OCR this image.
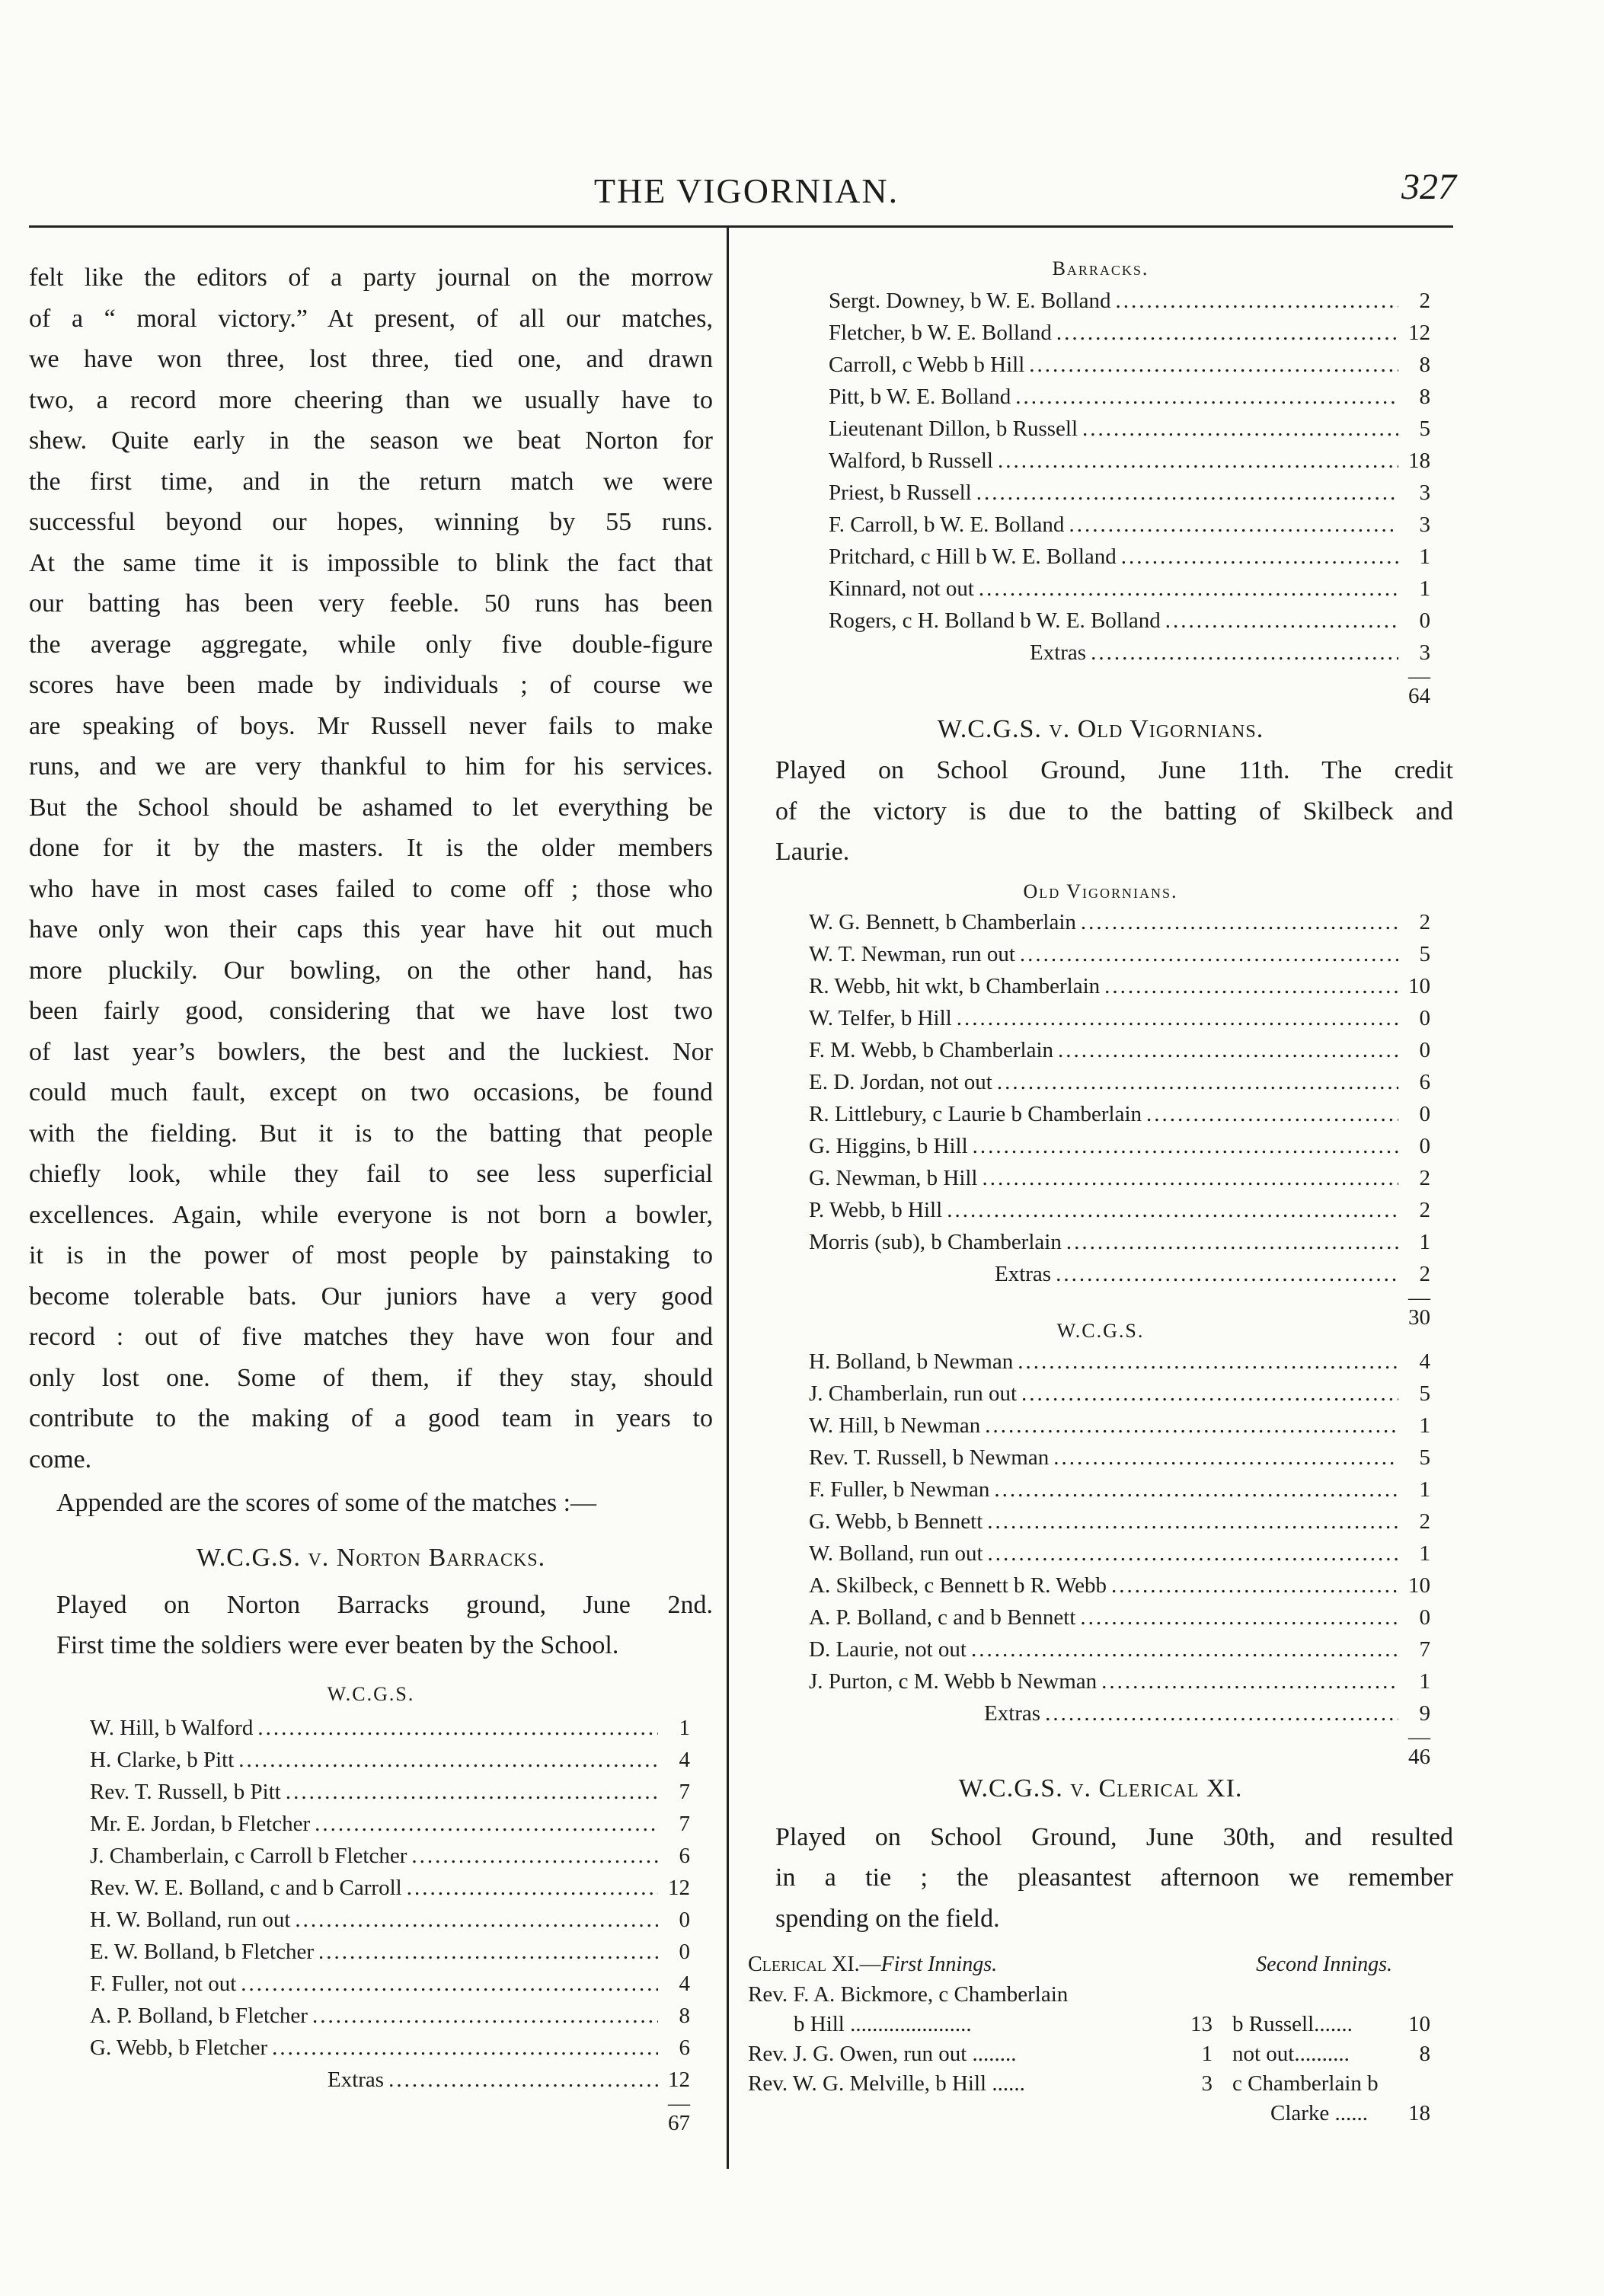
THE VIGORNIAN.	327

felt like the editors of a party journal on the morrow
of a “ moral victory.” At present, of all our matches,
we have won three, lost three, tied one, and drawn
two, a record more cheering than we usually have to
shew. Quite early in the season we beat Norton for
the first time, and in the return match we were
successful beyond our hopes, winning by 55 runs.
At the same time it is impossible to blink the fact that
our batting has been very feeble. 50 runs has been
the average aggregate, while only five double-figure
scores have been made by individuals ; of course we
are speaking of boys. Mr Russell never fails to make
runs, and we are very thankful to him for his services.
But the School should be ashamed to let everything be
done for it by the masters. It is the older members
who have in most cases failed to come off ; those who
have only won their caps this year have hit out much
more pluckily. Our bowling, on the other hand, has
been fairly good, considering that we have lost two
of last year’s bowlers, the best and the luckiest. Nor
could much fault, except on two occasions, be found
with the fielding. But it is to the batting that people
chiefly look, while they fail to see less superficial
excellences. Again, while everyone is not born a bowler,
it is in the power of most people by painstaking to
become tolerable bats. Our juniors have a very good
record : out of five matches they have won four and
only lost one. Some of them, if they stay, should
contribute to the making of a good team in years to
come.

Appended are the scores of some of the matches :—

W.C.G.S. v. Norton Barracks.

Played on Norton Barracks ground, June 2nd.
First time the soldiers were ever beaten by the School.

W.C.G.S.

W. Hill, b Walford .....	1
H. Clarke, b Pitt .....	4
Rev. T. Russell, b Pitt .....	7
Mr. E. Jordan, b Fletcher .....	7
J. Chamberlain, c Carroll b Fletcher .....	6
Rev. W. E. Bolland, c and b Carroll .....	12
H. W. Bolland, run out .....	0
E. W. Bolland, b Fletcher .....	0
F. Fuller, not out .....	4
A. P. Bolland, b Fletcher .....	8
G. Webb, b Fletcher .....	6
Extras .....	12
—
67

Barracks.

Sergt. Downey, b W. E. Bolland .....	2
Fletcher, b W. E. Bolland .....	12
Carroll, c Webb b Hill .....	8
Pitt, b W. E. Bolland .....	8
Lieutenant Dillon, b Russell .....	5
Walford, b Russell .....	18
Priest, b Russell .....	3
F. Carroll, b W. E. Bolland .....	3
Pritchard, c Hill b W. E. Bolland .....	1
Kinnard, not out .....	1
Rogers, c H. Bolland b W. E. Bolland .....	0
Extras .....	3
—
64

W.C.G.S. v. Old Vigornians.

Played on School Ground, June 11th. The credit
of the victory is due to the batting of Skilbeck and
Laurie.

Old Vigornians.

W. G. Bennett, b Chamberlain .....	2
W. T. Newman, run out .....	5
R. Webb, hit wkt, b Chamberlain .....	10
W. Telfer, b Hill .....	0
F. M. Webb, b Chamberlain .....	0
E. D. Jordan, not out .....	6
R. Littlebury, c Laurie b Chamberlain .....	0
G. Higgins, b Hill .....	0
G. Newman, b Hill .....	2
P. Webb, b Hill .....	2
Morris (sub), b Chamberlain .....	1
Extras .....	2
—
30

W.C.G.S.

H. Bolland, b Newman .....	4
J. Chamberlain, run out .....	5
W. Hill, b Newman .....	1
Rev. T. Russell, b Newman .....	5
F. Fuller, b Newman .....	1
G. Webb, b Bennett .....	2
W. Bolland, run out .....	1
A. Skilbeck, c Bennett b R. Webb .....	10
A. P. Bolland, c and b Bennett .....	0
D. Laurie, not out .....	7
J. Purton, c M. Webb b Newman .....	1
Extras .....	9
—
46

W.C.G.S. v. Clerical XI.

Played on School Ground, June 30th, and resulted
in a tie ; the pleasantest afternoon we remember
spending on the field.

Clerical XI.—First Innings.	Second Innings.
Rev. F. A. Bickmore, c Chamberlain
b Hill ......................	13	b Russell.......	10
Rev. J. G. Owen, run out ........	1	not out..........	8
Rev. W. G. Melville, b Hill ......	3	c Chamberlain b
Clarke ......	18
